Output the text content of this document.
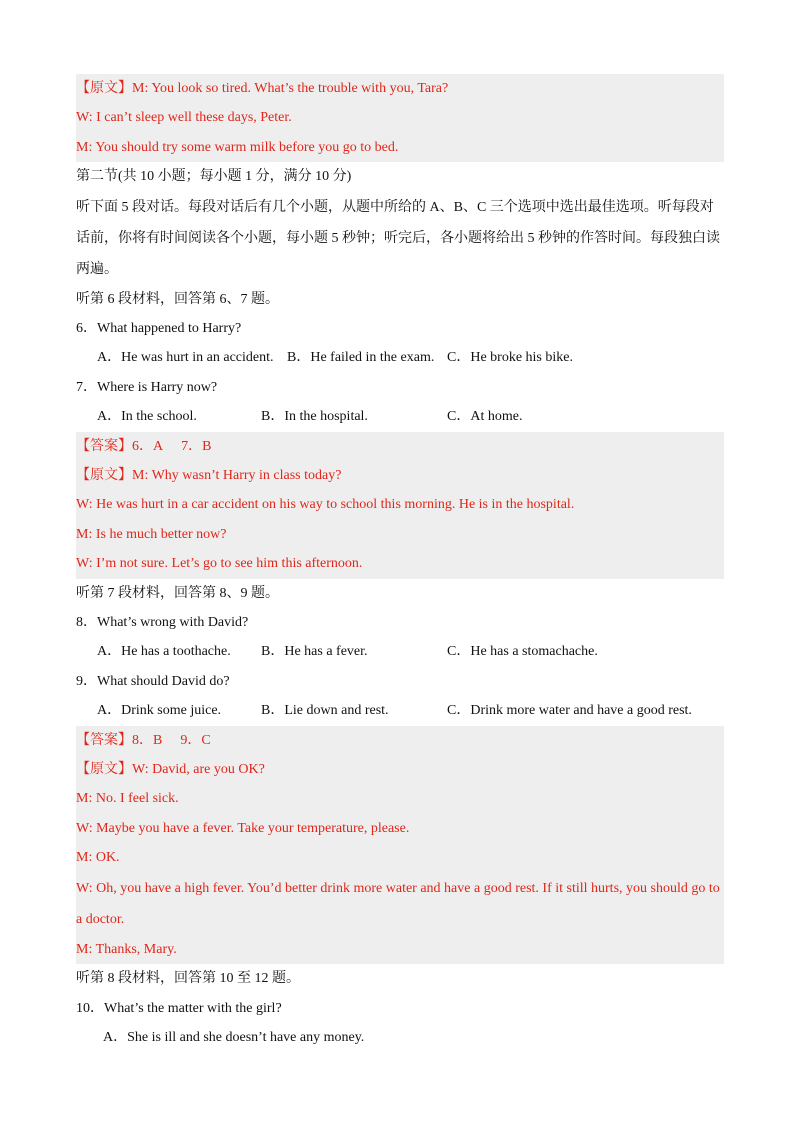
【原文】M: You look so tired. What’s the trouble with you, Tara?
W: I can’t sleep well these days, Peter.
M: You should try some warm milk before you go to bed.
第二节(共 10 小题；每小题 1 分，满分 10 分)
听下面 5 段对话。每段对话后有几个小题，从题中所给的 A、B、C 三个选项中选出最佳选项。听每段对话前，你将有时间阅读各个小题，每小题 5 秒钟；听完后，各小题将给出 5 秒钟的作答时间。每段独白读两遍。
听第 6 段材料，回答第 6、7 题。
6．What happened to Harry?
A．He was hurt in an accident. B．He failed in the exam. C．He broke his bike.
7．Where is Harry now?
A．In the school.	B．In the hospital.	C．At home.
【答案】6．A 7．B
【原文】M: Why wasn’t Harry in class today?
W: He was hurt in a car accident on his way to school this morning. He is in the hospital.
M: Is he much better now?
W: I’m not sure. Let’s go to see him this afternoon.
听第 7 段材料，回答第 8、9 题。
8．What’s wrong with David?
A．He has a toothache. B．He has a fever.	C．He has a stomachache.
9．What should David do?
A．Drink some juice.	B．Lie down and rest.	C．Drink more water and have a good rest.
【答案】8．B 9．C
【原文】W: David, are you OK?
M: No. I feel sick.
W: Maybe you have a fever. Take your temperature, please.
M: OK.
W: Oh, you have a high fever. You’d better drink more water and have a good rest. If it still hurts, you should go to a doctor.
M: Thanks, Mary.
听第 8 段材料，回答第 10 至 12 题。
10．What’s the matter with the girl?
A．She is ill and she doesn’t have any money.
